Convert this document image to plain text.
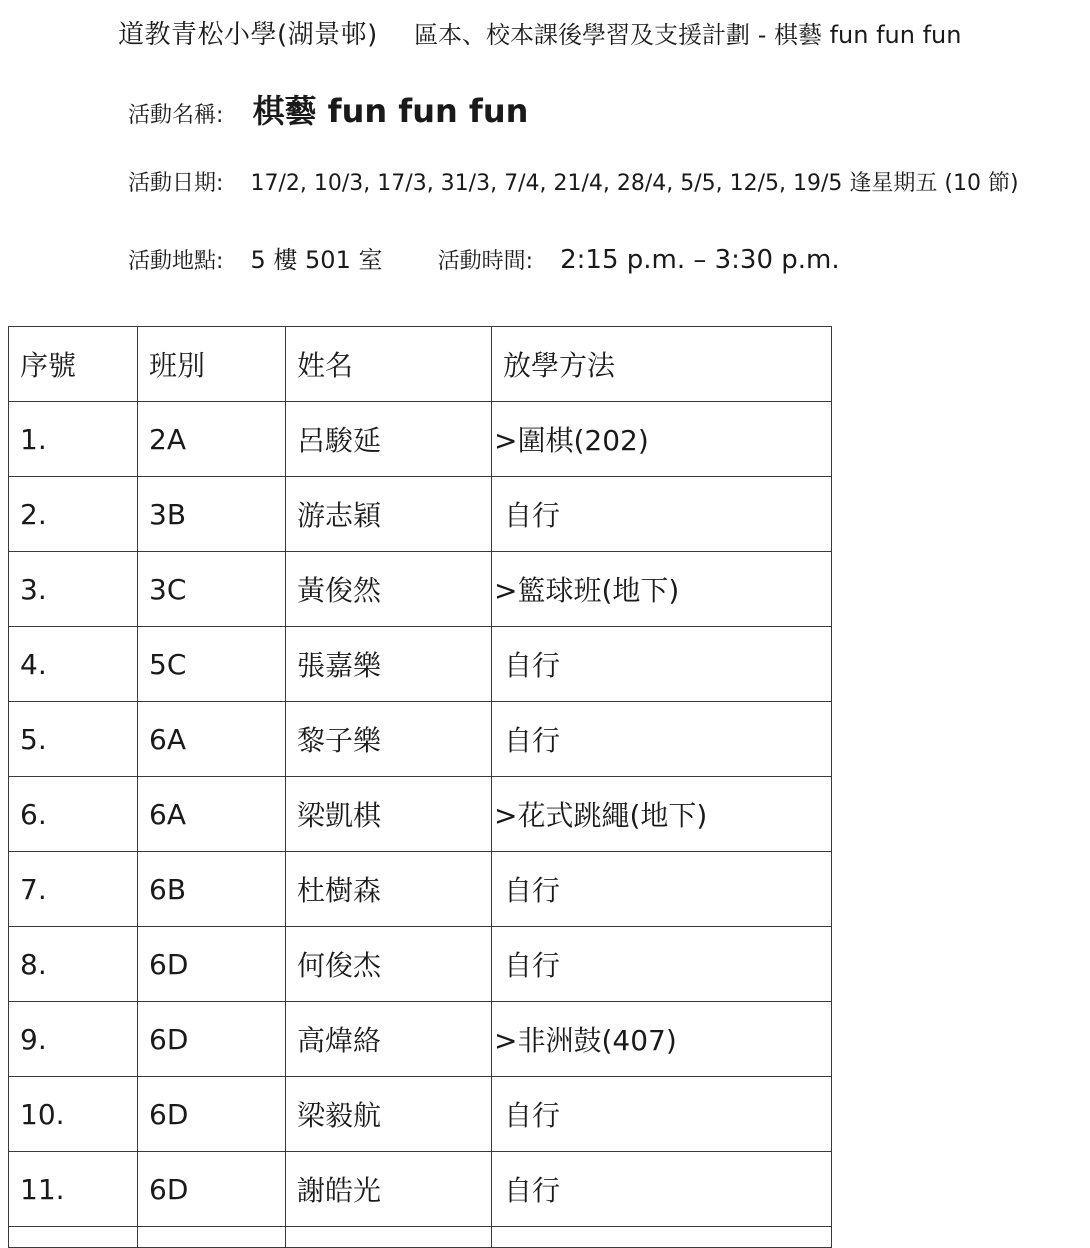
道教青松小學(湖景邨) 區本、校本課後學習及支援計劃 - 棋藝 fun fun fun
活動名稱: 棋藝 fun fun fun
活動日期: 17/2, 10/3, 17/3, 31/3, 7/4, 21/4, 28/4, 5/5, 12/5, 19/5 逢星期五 (10 節)
活動地點: 5 樓 501 室	活動時間: 2:15 p.m. – 3:30 p.m.
序號	班別	姓名	放學方法
1.	2A	呂駿延	>圍棋(202)
2.	3B	游志穎	自行
3.	3C	黃俊然	>籃球班(地下)
4.	5C	張嘉樂	自行
5.	6A	黎子樂	自行
6.	6A	梁凱棋	>花式跳繩(地下)
7.	6B	杜樹森	自行
8.	6D	何俊杰	自行
9.	6D	高煒絡	>非洲鼓(407)
10.	6D	梁毅航	自行
11.	6D	謝皓光	自行
